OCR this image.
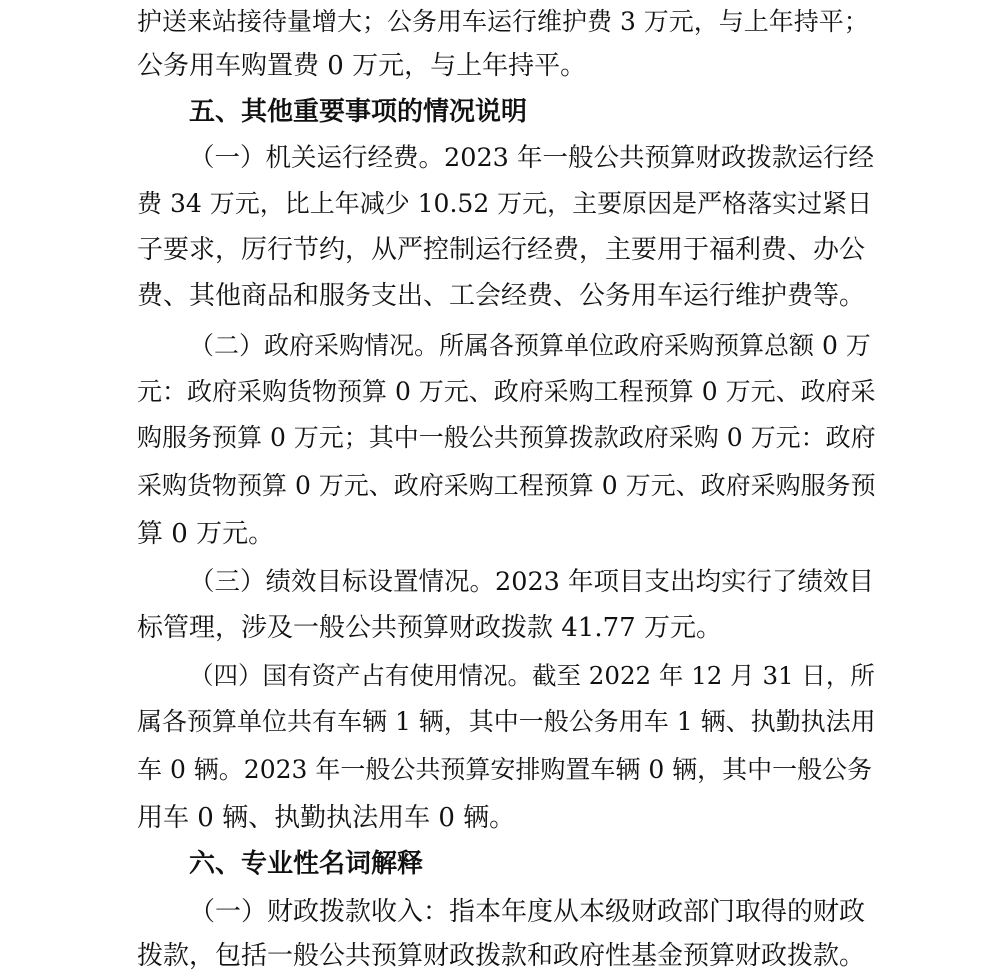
护送来站接待量增大；公务用车运行维护费 3 万元，与上年持平；
公务用车购置费 0 万元，与上年持平。
五、其他重要事项的情况说明
（一）机关运行经费。2023 年一般公共预算财政拨款运行经
费 34 万元，比上年减少 10.52 万元，主要原因是严格落实过紧日
子要求，厉行节约，从严控制运行经费，主要用于福利费、办公
费、其他商品和服务支出、工会经费、公务用车运行维护费等。
（二）政府采购情况。所属各预算单位政府采购预算总额 0 万
元：政府采购货物预算 0 万元、政府采购工程预算 0 万元、政府采
购服务预算 0 万元；其中一般公共预算拨款政府采购 0 万元：政府
采购货物预算 0 万元、政府采购工程预算 0 万元、政府采购服务预
算 0 万元。
（三）绩效目标设置情况。2023 年项目支出均实行了绩效目
标管理，涉及一般公共预算财政拨款 41.77 万元。
（四）国有资产占有使用情况。截至 2022 年 12 月 31 日，所
属各预算单位共有车辆 1 辆，其中一般公务用车 1 辆、执勤执法用
车 0 辆。2023 年一般公共预算安排购置车辆 0 辆，其中一般公务
用车 0 辆、执勤执法用车 0 辆。
六、专业性名词解释
（一）财政拨款收入：指本年度从本级财政部门取得的财政
拨款，包括一般公共预算财政拨款和政府性基金预算财政拨款。
